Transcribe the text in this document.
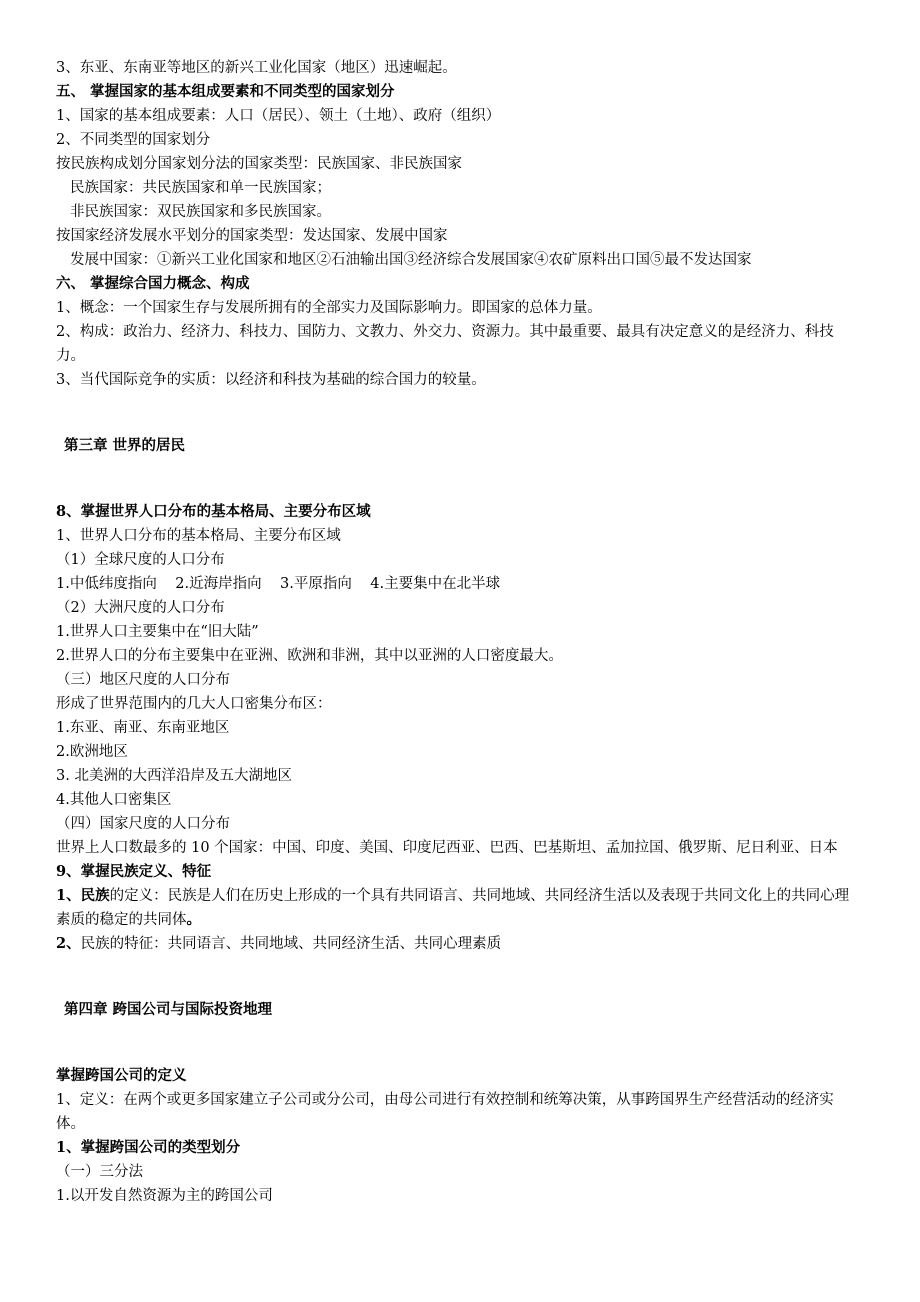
3、东亚、东南亚等地区的新兴工业化国家（地区）迅速崛起。
五、 掌握国家的基本组成要素和不同类型的国家划分
1、国家的基本组成要素：人口（居民）、领土（土地）、政府（组织）
2、不同类型的国家划分
按民族构成划分国家划分法的国家类型：民族国家、非民族国家
民族国家：共民族国家和单一民族国家；
非民族国家：双民族国家和多民族国家。
按国家经济发展水平划分的国家类型：发达国家、发展中国家
发展中国家：①新兴工业化国家和地区②石油输出国③经济综合发展国家④农矿原料出口国⑤最不发达国家
六、 掌握综合国力概念、构成
1、概念：一个国家生存与发展所拥有的全部实力及国际影响力。即国家的总体力量。
2、构成：政治力、经济力、科技力、国防力、文教力、外交力、资源力。其中最重要、最具有决定意义的是经济力、科技力。
3、当代国际竞争的实质：以经济和科技为基础的综合国力的较量。
第三章 世界的居民
8、掌握世界人口分布的基本格局、主要分布区域
1、世界人口分布的基本格局、主要分布区域
（1）全球尺度的人口分布
1.中低纬度指向    2.近海岸指向    3.平原指向    4.主要集中在北半球
（2）大洲尺度的人口分布
1.世界人口主要集中在“旧大陆”
2.世界人口的分布主要集中在亚洲、欧洲和非洲，其中以亚洲的人口密度最大。
（三）地区尺度的人口分布
形成了世界范围内的几大人口密集分布区：
1.东亚、南亚、东南亚地区
2.欧洲地区
3. 北美洲的大西洋沿岸及五大湖地区
4.其他人口密集区
（四）国家尺度的人口分布
世界上人口数最多的 10 个国家：中国、印度、美国、印度尼西亚、巴西、巴基斯坦、孟加拉国、俄罗斯、尼日利亚、日本
9、掌握民族定义、特征
1、民族的定义：民族是人们在历史上形成的一个具有共同语言、共同地域、共同经济生活以及表现于共同文化上的共同心理素质的稳定的共同体。
2、民族的特征：共同语言、共同地域、共同经济生活、共同心理素质
第四章 跨国公司与国际投资地理
掌握跨国公司的定义
1、定义：在两个或更多国家建立子公司或分公司，由母公司进行有效控制和统筹决策，从事跨国界生产经营活动的经济实体。
1、掌握跨国公司的类型划分
（一）三分法
1.以开发自然资源为主的跨国公司
